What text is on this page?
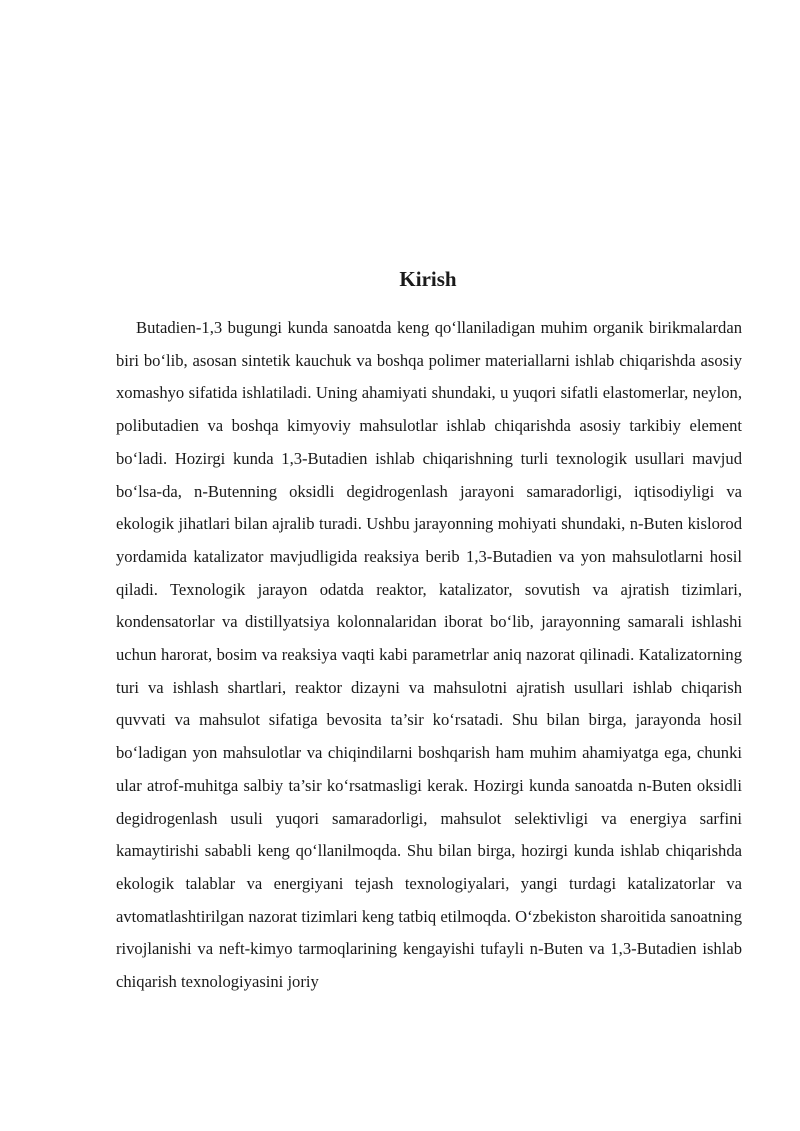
Kirish

Butadien-1,3 bugungi kunda sanoatda keng qo‘llaniladigan muhim organik birikmalardan biri bo‘lib, asosan sintetik kauchuk va boshqa polimer materiallarni ishlab chiqarishda asosiy xomashyo sifatida ishlatiladi. Uning ahamiyati shundaki, u yuqori sifatli elastomerlar, neylon, polibutadien va boshqa kimyoviy mahsulotlar ishlab chiqarishda asosiy tarkibiy element bo‘ladi. Hozirgi kunda 1,3-Butadien ishlab chiqarishning turli texnologik usullari mavjud bo‘lsa-da, n-Butenning oksidli degidrogenlash jarayoni samaradorligi, iqtisodiyligi va ekologik jihatlari bilan ajralib turadi. Ushbu jarayonning mohiyati shundaki, n-Buten kislorod yordamida katalizator mavjudligida reaksiya berib 1,3-Butadien va yon mahsulotlarni hosil qiladi. Texnologik jarayon odatda reaktor, katalizator, sovutish va ajratish tizimlari, kondensatorlar va distillyatsiya kolonnalaridan iborat bo‘lib, jarayonning samarali ishlashi uchun harorat, bosim va reaksiya vaqti kabi parametrlar aniq nazorat qilinadi. Katalizatorning turi va ishlash shartlari, reaktor dizayni va mahsulotni ajratish usullari ishlab chiqarish quvvati va mahsulot sifatiga bevosita ta’sir ko‘rsatadi. Shu bilan birga, jarayonda hosil bo‘ladigan yon mahsulotlar va chiqindilarni boshqarish ham muhim ahamiyatga ega, chunki ular atrof-muhitga salbiy ta’sir ko‘rsatmasligi kerak. Hozirgi kunda sanoatda n-Buten oksidli degidrogenlash usuli yuqori samaradorligi, mahsulot selektivligi va energiya sarfini kamaytirishi sababli keng qo‘llanilmoqda. Shu bilan birga, hozirgi kunda ishlab chiqarishda ekologik talablar va energiyani tejash texnologiyalari, yangi turdagi katalizatorlar va avtomatlashtirilgan nazorat tizimlari keng tatbiq etilmoqda. O‘zbekiston sharoitida sanoatning rivojlanishi va neft-kimyo tarmoqlarining kengayishi tufayli n-Buten va 1,3-Butadien ishlab chiqarish texnologiyasini joriy
